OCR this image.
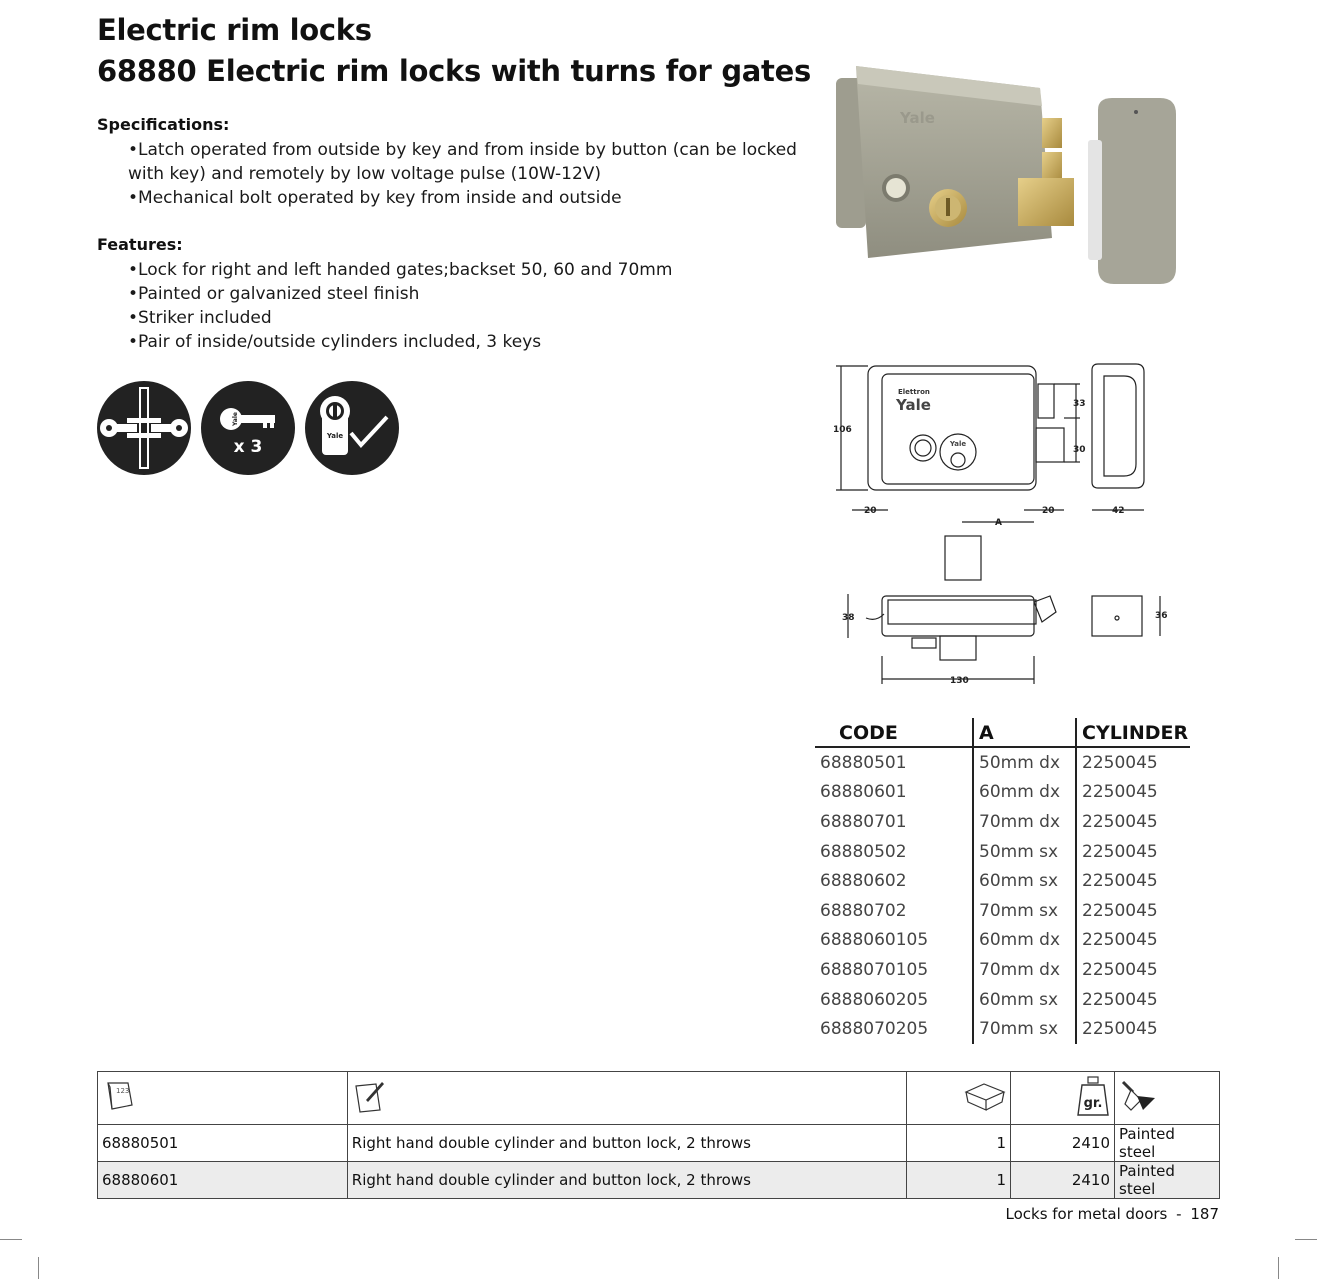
Electric rim locks
68880 Electric rim locks with turns for gates
Specifications:
•Latch operated from outside by key and from inside by button (can be locked
with key) and remotely by low voltage pulse (10W-12V)
•Mechanical bolt operated by key from inside and outside
Features:
•Lock for right and left handed gates;backset 50, 60 and 70mm
•Painted or galvanized steel finish
•Striker included
•Pair of inside/outside cylinders included, 3 keys
Yale
x 3
Yale
Yale
Elettron
Yale
Yale
106
33
30
20	20	42
A
38	36
130
CODE	A	CYLINDER
68880501	50mm dx	2250045
68880601	60mm dx	2250045
68880701	70mm dx	2250045
68880502	50mm sx	2250045
68880602	60mm sx	2250045
68880702	70mm sx	2250045
6888060105	60mm dx	2250045
6888070105	70mm dx	2250045
6888060205	60mm sx	2250045
6888070205	70mm sx	2250045
123			gr.

68880501	Right hand double cylinder and button lock, 2 throws	1	2410	Painted steel
68880601	Right hand double cylinder and button lock, 2 throws	1	2410	Painted steel
Locks for metal doors - 187
